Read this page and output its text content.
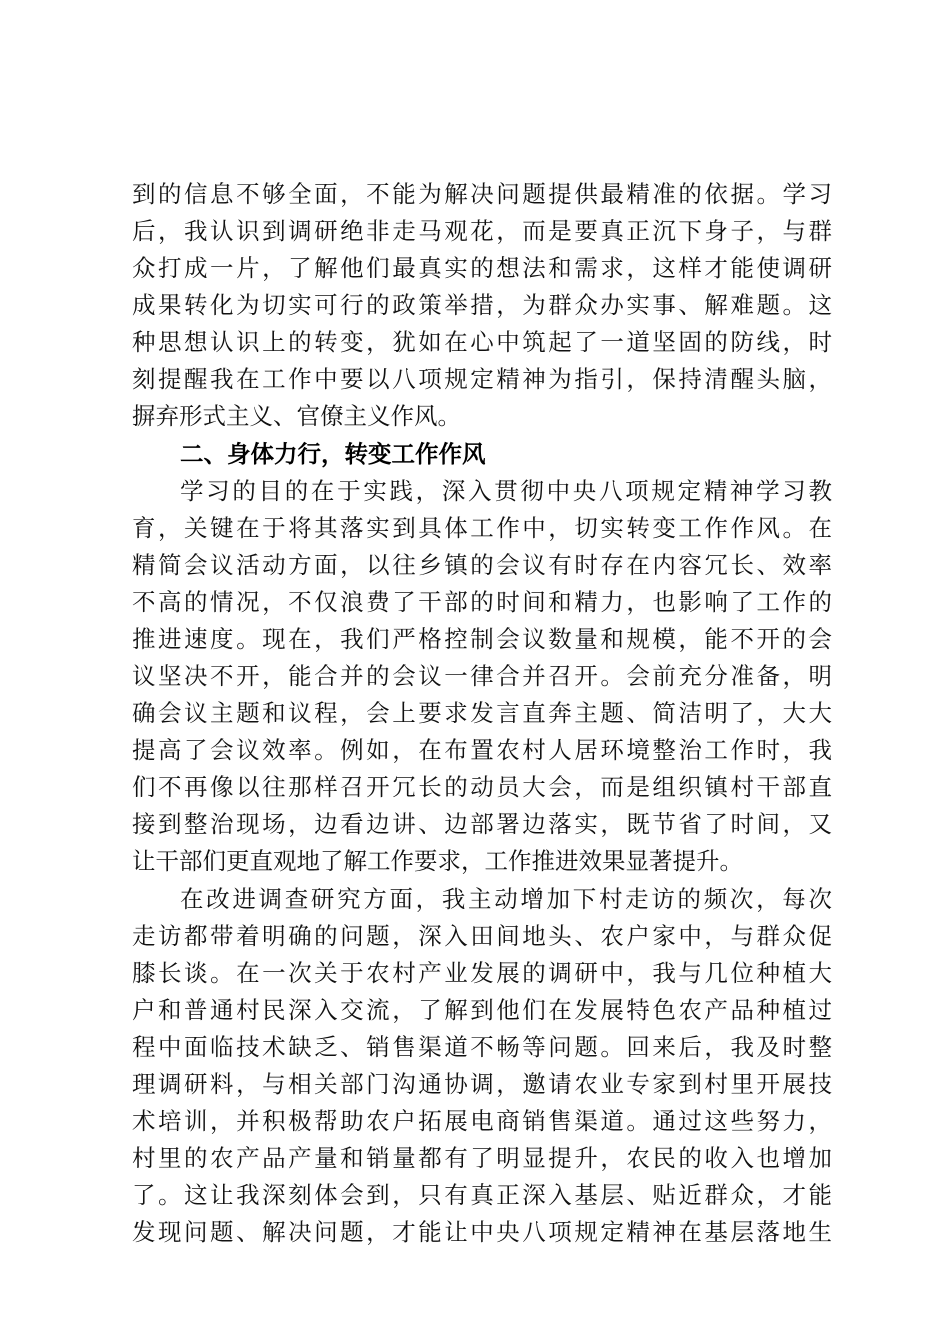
到的信息不够全面，不能为解决问题提供最精准的依据。学习

后，我认识到调研绝非走马观花，而是要真正沉下身子，与群

众打成一片，了解他们最真实的想法和需求，这样才能使调研

成果转化为切实可行的政策举措，为群众办实事、解难题。这

种思想认识上的转变，犹如在心中筑起了一道坚固的防线，时

刻提醒我在工作中要以八项规定精神为指引，保持清醒头脑，

摒弃形式主义、官僚主义作风。

二、身体力行，转变工作作风

学习的目的在于实践，深入贯彻中央八项规定精神学习教

育，关键在于将其落实到具体工作中，切实转变工作作风。在

精简会议活动方面，以往乡镇的会议有时存在内容冗长、效率

不高的情况，不仅浪费了干部的时间和精力，也影响了工作的

推进速度。现在，我们严格控制会议数量和规模，能不开的会

议坚决不开，能合并的会议一律合并召开。会前充分准备，明

确会议主题和议程，会上要求发言直奔主题、简洁明了，大大

提高了会议效率。例如，在布置农村人居环境整治工作时，我

们不再像以往那样召开冗长的动员大会，而是组织镇村干部直

接到整治现场，边看边讲、边部署边落实，既节省了时间，又

让干部们更直观地了解工作要求，工作推进效果显著提升。

在改进调查研究方面，我主动增加下村走访的频次，每次

走访都带着明确的问题，深入田间地头、农户家中，与群众促

膝长谈。在一次关于农村产业发展的调研中，我与几位种植大

户和普通村民深入交流，了解到他们在发展特色农产品种植过

程中面临技术缺乏、销售渠道不畅等问题。回来后，我及时整

理调研料，与相关部门沟通协调，邀请农业专家到村里开展技

术培训，并积极帮助农户拓展电商销售渠道。通过这些努力，

村里的农产品产量和销量都有了明显提升，农民的收入也增加

了。这让我深刻体会到，只有真正深入基层、贴近群众，才能

发现问题、解决问题，才能让中央八项规定精神在基层落地生
